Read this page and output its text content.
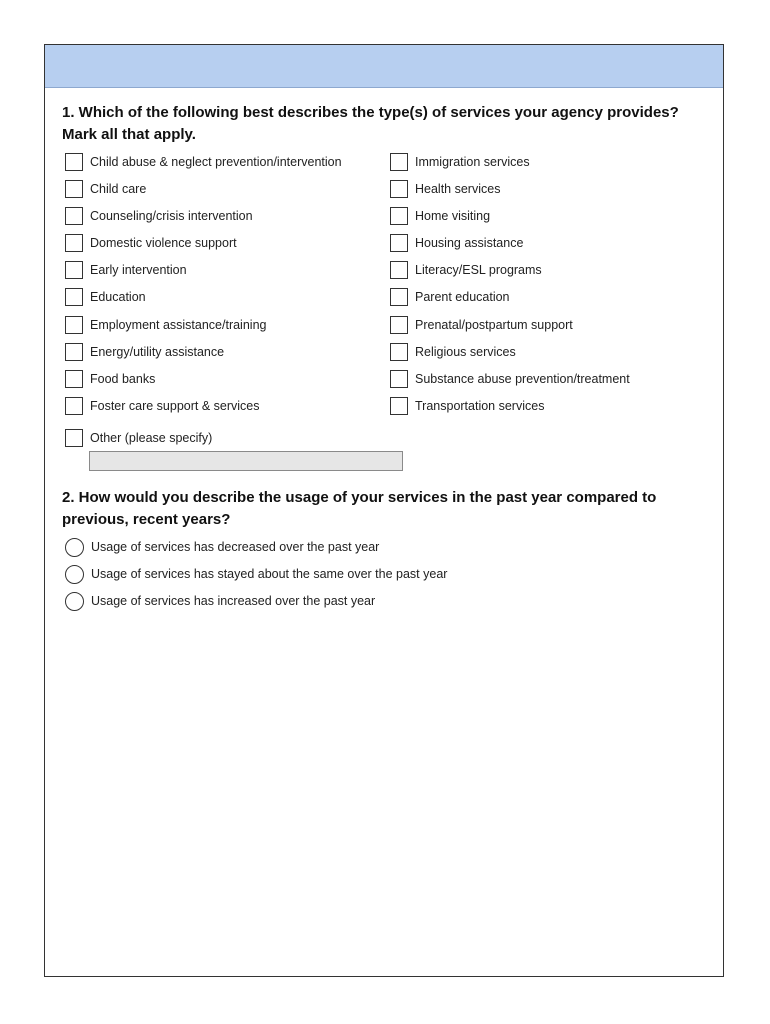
1. Which of the following best describes the type(s) of services your agency provides?
Mark all that apply.
Child abuse & neglect prevention/intervention
Child care
Counseling/crisis intervention
Domestic violence support
Early intervention
Education
Employment assistance/training
Energy/utility assistance
Food banks
Foster care support & services
Immigration services
Health services
Home visiting
Housing assistance
Literacy/ESL programs
Parent education
Prenatal/postpartum support
Religious services
Substance abuse prevention/treatment
Transportation services
Other (please specify)
2. How would you describe the usage of your services in the past year compared to
previous, recent years?
Usage of services has decreased over the past year
Usage of services has stayed about the same over the past year
Usage of services has increased over the past year
